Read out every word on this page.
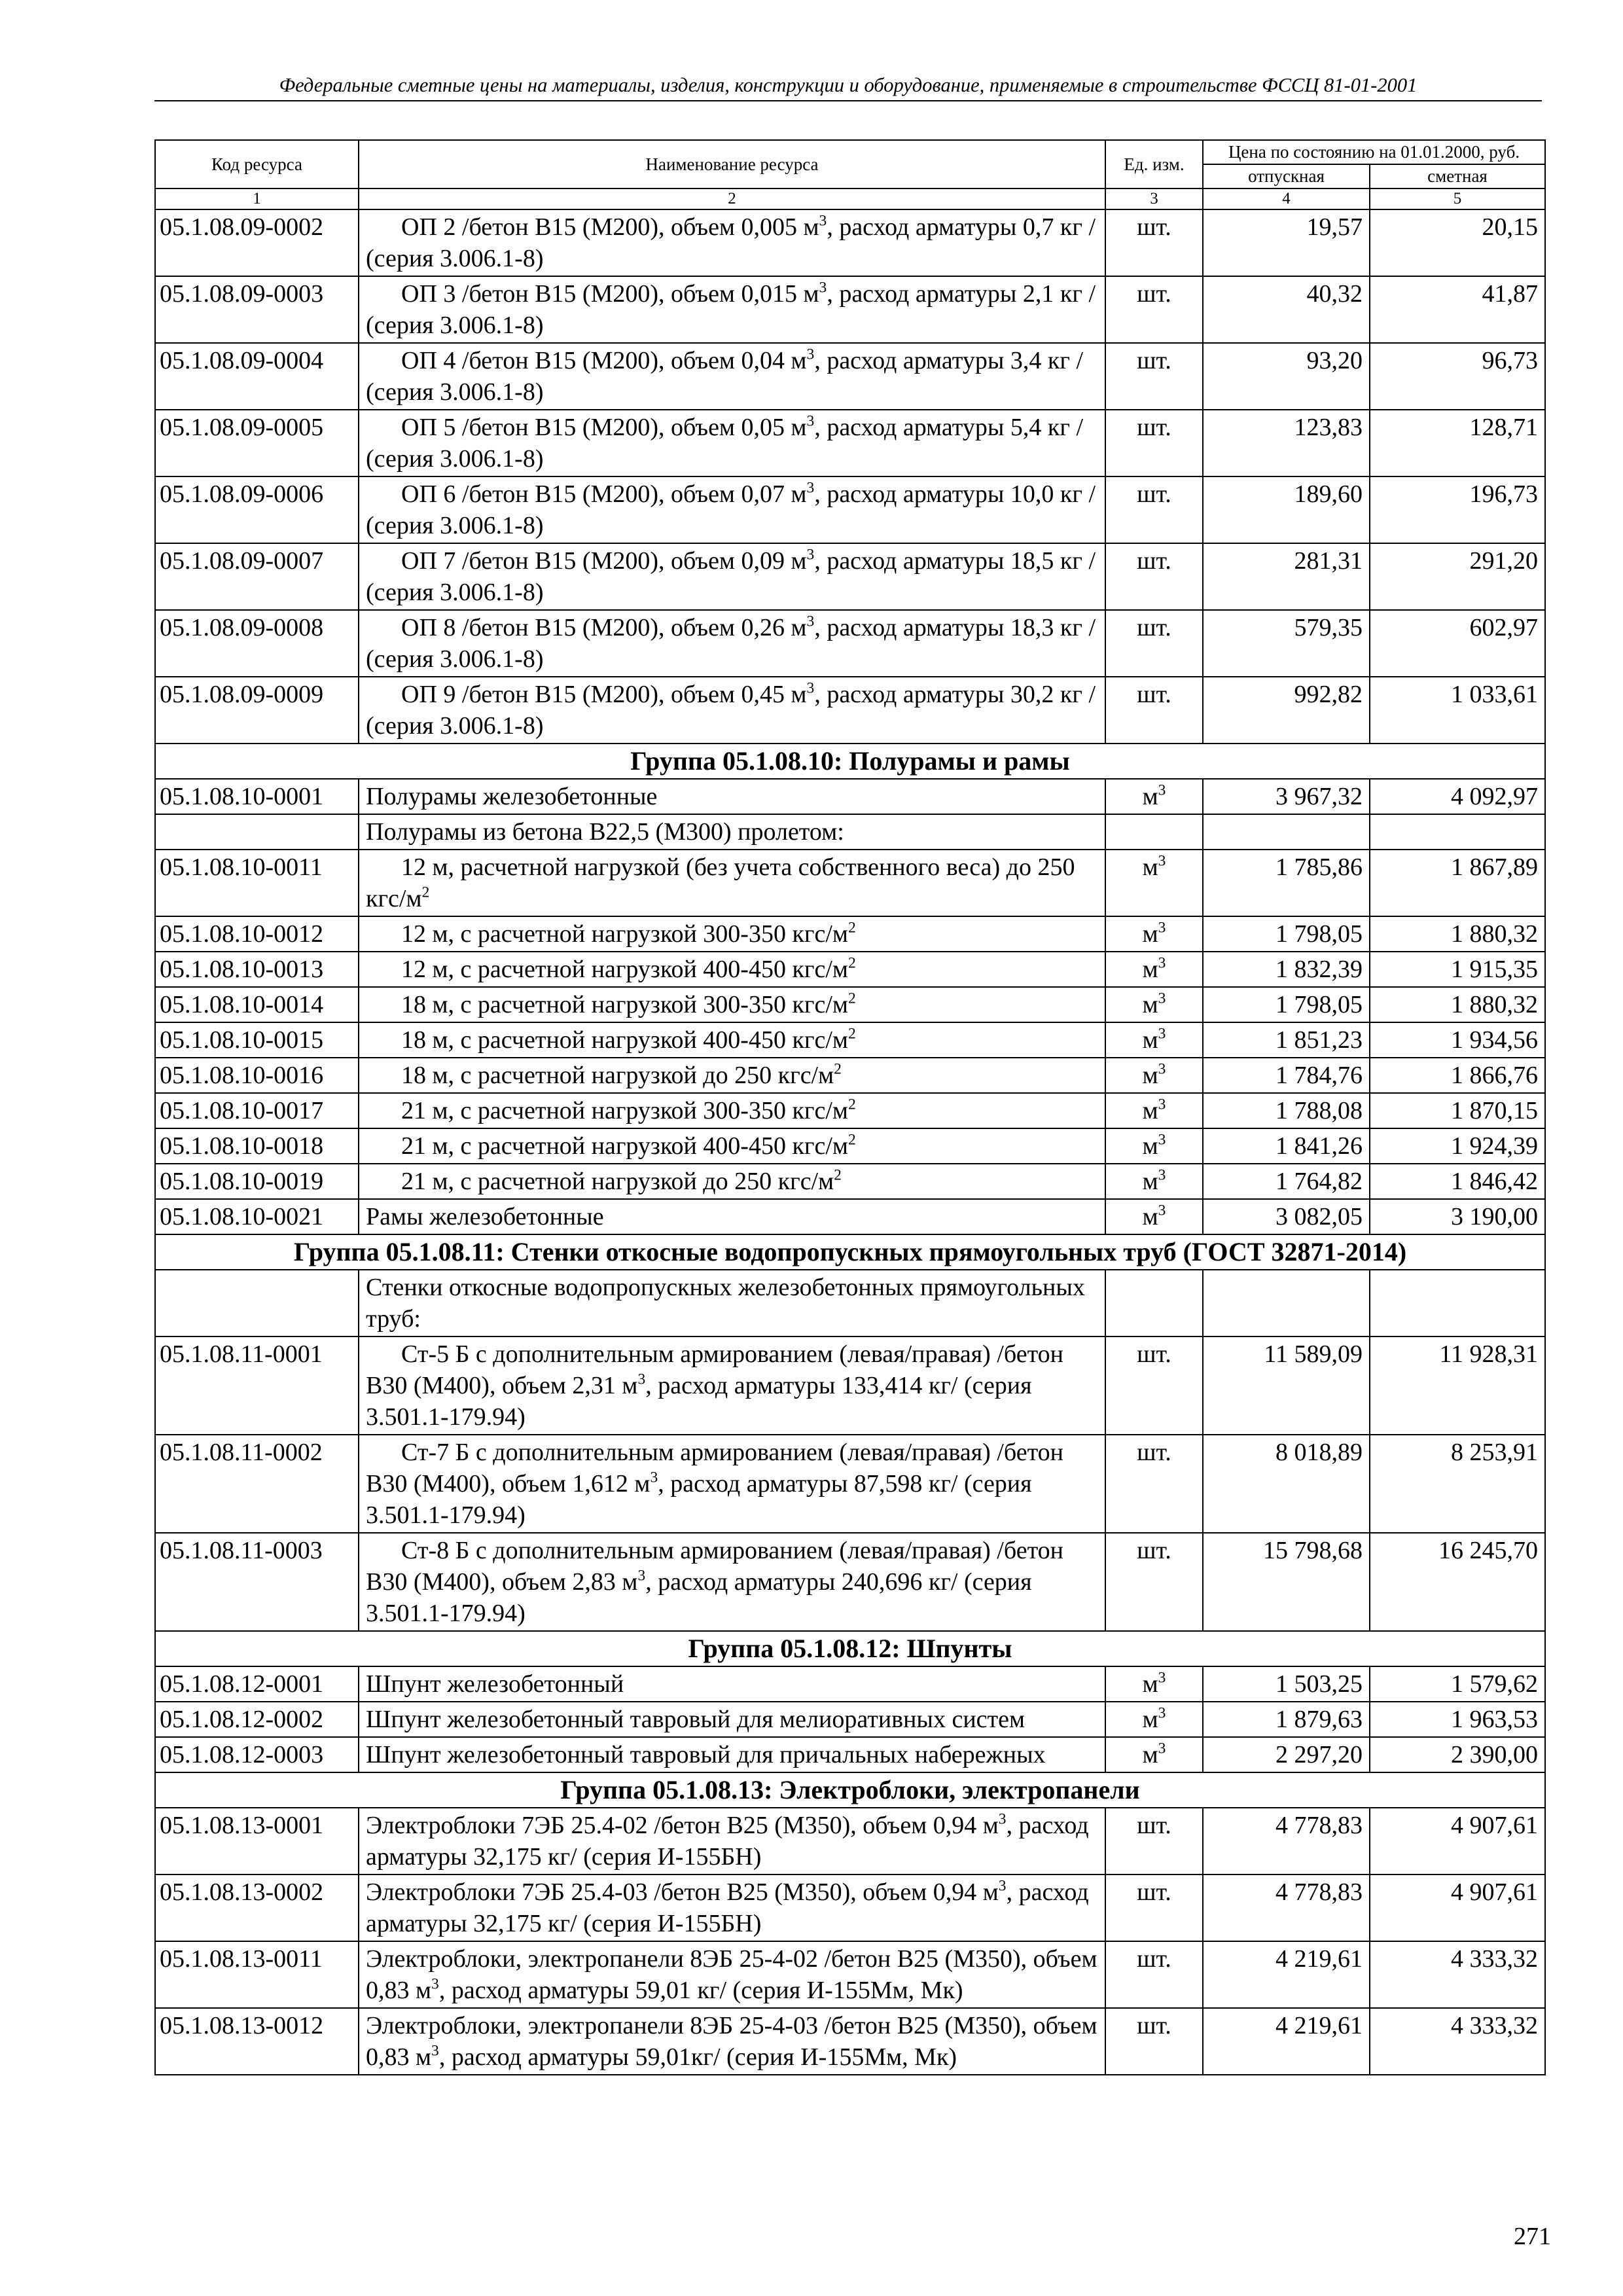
Федеральные сметные цены на материалы, изделия, конструкции и оборудование, применяемые в строительстве ФССЦ 81-01-2001
Код ресурса	Наименование ресурса	Ед. изм.	Цена по состоянию на 01.01.2000, руб.	
			отпускная	сметная
1	2	3	4	5
05.1.08.09-0002	ОП 2 /бетон B15 (М200), объем 0,005 $м^3$, расход арматуры 0,7 кг / (серия 3.006.1-8)	шт.	19,57	20,15
05.1.08.09-0003	ОП 3 /бетон B15 (М200), объем 0,015 $м^3$, расход арматуры 2,1 кг / (серия 3.006.1-8)	шт.	40,32	41,87
05.1.08.09-0004	ОП 4 /бетон B15 (М200), объем 0,04 $м^3$, расход арматуры 3,4 кг / (серия 3.006.1-8)	шт.	93,20	96,73
05.1.08.09-0005	ОП 5 /бетон B15 (М200), объем 0,05 $м^3$, расход арматуры 5,4 кг / (серия 3.006.1-8)	шт.	123,83	128,71
05.1.08.09-0006	ОП 6 /бетон B15 (М200), объем 0,07 $м^3$, расход арматуры 10,0 кг / (серия 3.006.1-8)	шт.	189,60	196,73
05.1.08.09-0007	ОП 7 /бетон B15 (М200), объем 0,09 $м^3$, расход арматуры 18,5 кг / (серия 3.006.1-8)	шт.	281,31	291,20
05.1.08.09-0008	ОП 8 /бетон B15 (М200), объем 0,26 $м^3$, расход арматуры 18,3 кг / (серия 3.006.1-8)	шт.	579,35	602,97
05.1.08.09-0009	ОП 9 /бетон B15 (М200), объем 0,45 $м^3$, расход арматуры 30,2 кг / (серия 3.006.1-8)	шт.	992,82	1 033,61
Группа 05.1.08.10: Полурамы и рамы				
05.1.08.10-0001	Полурамы железобетонные	$м^3$	3 967,32	4 092,97
	Полурамы из бетона В22,5 (М300) пролетом:			
05.1.08.10-0011	12 м, расчетной нагрузкой (без учета собственного веса) до 250 кгс/$м^2$	$м^3$	1 785,86	1 867,89
05.1.08.10-0012	12 м, с расчетной нагрузкой 300-350 кгс/$м^2$	$м^3$	1 798,05	1 880,32
05.1.08.10-0013	12 м, с расчетной нагрузкой 400-450 кгс/$м^2$	$м^3$	1 832,39	1 915,35
05.1.08.10-0014	18 м, с расчетной нагрузкой 300-350 кгс/$м^2$	$м^3$	1 798,05	1 880,32
05.1.08.10-0015	18 м, с расчетной нагрузкой 400-450 кгс/$м^2$	$м^3$	1 851,23	1 934,56
05.1.08.10-0016	18 м, с расчетной нагрузкой до 250 кгс/$м^2$	$м^3$	1 784,76	1 866,76
05.1.08.10-0017	21 м, с расчетной нагрузкой 300-350 кгс/$м^2$	$м^3$	1 788,08	1 870,15
05.1.08.10-0018	21 м, с расчетной нагрузкой 400-450 кгс/$м^2$	$м^3$	1 841,26	1 924,39
05.1.08.10-0019	21 м, с расчетной нагрузкой до 250 кгс/$м^2$	$м^3$	1 764,82	1 846,42
05.1.08.10-0021	Рамы железобетонные	$м^3$	3 082,05	3 190,00
Группа 05.1.08.11: Стенки откосные водопропускных прямоугольных труб (ГОСТ 32871-2014)				
	Стенки откосные водопропускных железобетонных прямоугольных труб:			
05.1.08.11-0001	Ст-5 Б с дополнительным армированием (левая/правая) /бетон B30 (М400), объем 2,31 $м^3$, расход арматуры 133,414 кг/ (серия 3.501.1-179.94)	шт.	11 589,09	11 928,31
05.1.08.11-0002	Ст-7 Б с дополнительным армированием (левая/правая) /бетон B30 (М400), объем 1,612 $м^3$, расход арматуры 87,598 кг/ (серия 3.501.1-179.94)	шт.	8 018,89	8 253,91
05.1.08.11-0003	Ст-8 Б с дополнительным армированием (левая/правая) /бетон B30 (М400), объем 2,83 $м^3$, расход арматуры 240,696 кг/ (серия 3.501.1-179.94)	шт.	15 798,68	16 245,70
Группа 05.1.08.12: Шпунты				
05.1.08.12-0001	Шпунт железобетонный	$м^3$	1 503,25	1 579,62
05.1.08.12-0002	Шпунт железобетонный тавровый для мелиоративных систем	$м^3$	1 879,63	1 963,53
05.1.08.12-0003	Шпунт железобетонный тавровый для причальных набережных	$м^3$	2 297,20	2 390,00
Группа 05.1.08.13: Электроблоки, электропанели				
05.1.08.13-0001	Электроблоки 7ЭБ 25.4-02 /бетон B25 (М350), объем 0,94 $м^3$, расход арматуры 32,175 кг/ (серия И-155БН)	шт.	4 778,83	4 907,61
05.1.08.13-0002	Электроблоки 7ЭБ 25.4-03 /бетон B25 (М350), объем 0,94 $м^3$, расход арматуры 32,175 кг/ (серия И-155БН)	шт.	4 778,83	4 907,61
05.1.08.13-0011	Электроблоки, электропанели 8ЭБ 25-4-02 /бетон B25 (М350), объем 0,83 $м^3$, расход арматуры 59,01 кг/ (серия И-155Мм, Мк)	шт.	4 219,61	4 333,32
05.1.08.13-0012	Электроблоки, электропанели 8ЭБ 25-4-03 /бетон B25 (М350), объем 0,83 $м^3$, расход арматуры 59,01кг/ (серия И-155Мм, Мк)	шт.	4 219,61	4 333,32
271
